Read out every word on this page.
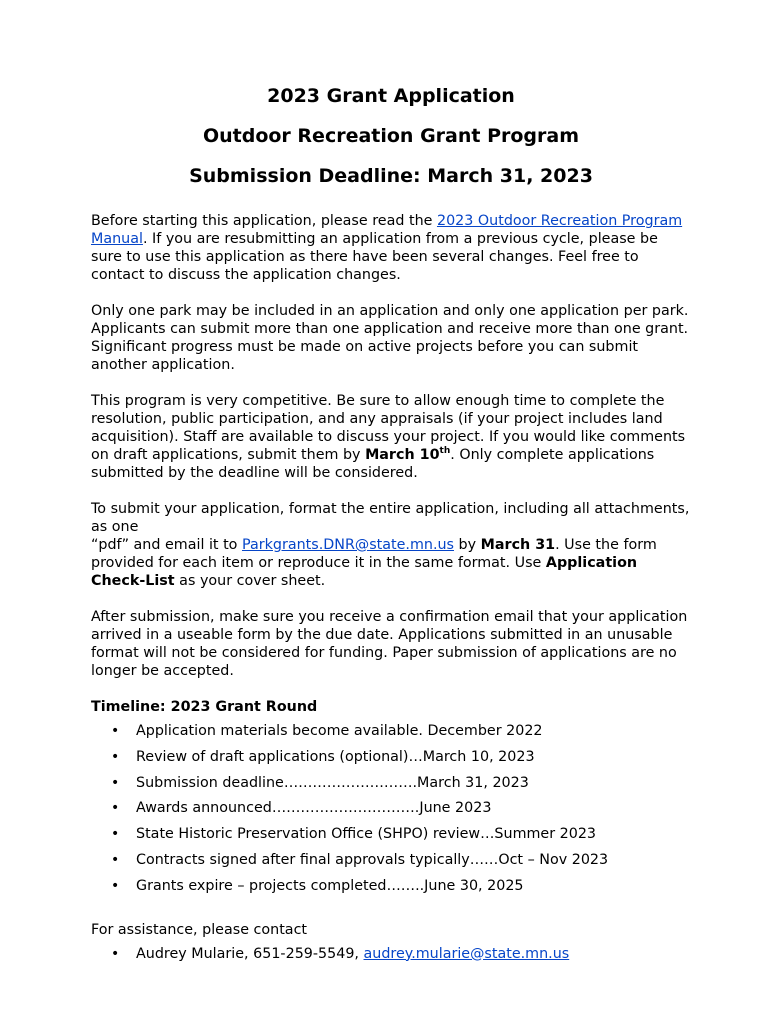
2023 Grant Application
Outdoor Recreation Grant Program
Submission Deadline: March 31, 2023

Before starting this application, please read the 2023 Outdoor Recreation Program Manual. If you are resubmitting an application from a previous cycle, please be sure to use this application as there have been several changes. Feel free to contact to discuss the application changes.

Only one park may be included in an application and only one application per park. Applicants can submit more than one application and receive more than one grant. Significant progress must be made on active projects before you can submit another application.

This program is very competitive. Be sure to allow enough time to complete the resolution, public participation, and any appraisals (if your project includes land acquisition). Staff are available to discuss your project. If you would like comments on draft applications, submit them by March 10th. Only complete applications submitted by the deadline will be considered.

To submit your application, format the entire application, including all attachments, as one
“pdf” and email it to Parkgrants.DNR@state.mn.us by March 31. Use the form provided for each item or reproduce it in the same format. Use Application Check-List as your cover sheet.

After submission, make sure you receive a confirmation email that your application arrived in a useable form by the due date. Applications submitted in an unusable format will not be considered for funding. Paper submission of applications are no longer be accepted.

Timeline: 2023 Grant Round
• Application materials become available. December 2022
• Review of draft applications (optional)…March 10, 2023
• Submission deadline……………………….March 31, 2023
• Awards announced………………………….June 2023
• State Historic Preservation Office (SHPO) review…Summer 2023
• Contracts signed after final approvals typically……Oct – Nov 2023
• Grants expire – projects completed……..June 30, 2025
For assistance, please contact
• Audrey Mularie, 651-259-5549, audrey.mularie@state.mn.us
